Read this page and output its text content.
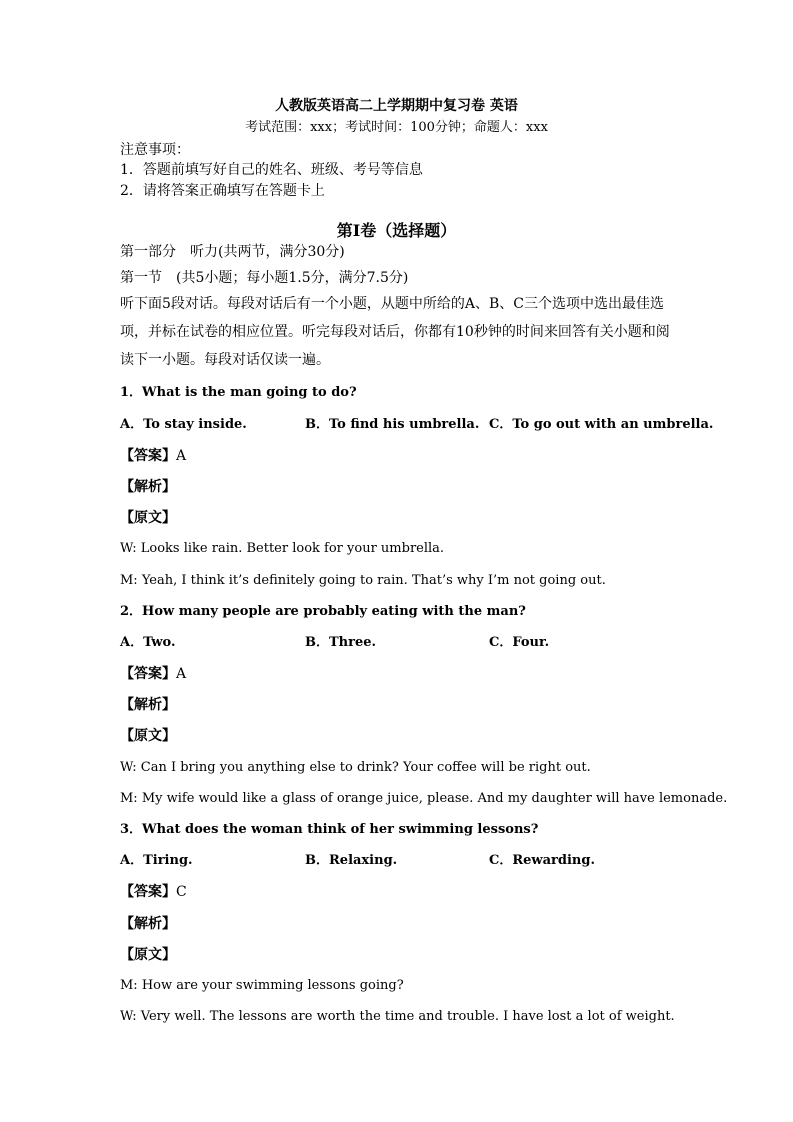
人教版英语高二上学期期中复习卷 英语
考试范围：xxx；考试时间：100分钟；命题人：xxx
注意事项：
1．答题前填写好自己的姓名、班级、考号等信息
2．请将答案正确填写在答题卡上
第I卷（选择题）
第一部分　听力(共两节，满分30分)
第一节　(共5小题；每小题1.5分，满分7.5分)
听下面5段对话。每段对话后有一个小题，从题中所给的A、B、C三个选项中选出最佳选项，并标在试卷的相应位置。听完每段对话后，你都有10秒钟的时间来回答有关小题和阅读下一小题。每段对话仅读一遍。
1．What is the man going to do?
A．To stay inside.	B．To find his umbrella. C．To go out with an umbrella.
【答案】A
【解析】
【原文】
W: Looks like rain. Better look for your umbrella.
M: Yeah, I think it’s definitely going to rain. That’s why I’m not going out.
2．How many people are probably eating with the man?
A．Two.	B．Three.	C．Four.
【答案】A
【解析】
【原文】
W: Can I bring you anything else to drink? Your coffee will be right out.
M: My wife would like a glass of orange juice, please. And my daughter will have lemonade.
3．What does the woman think of her swimming lessons?
A．Tiring.	B．Relaxing.	C．Rewarding.
【答案】C
【解析】
【原文】
M: How are your swimming lessons going?
W: Very well. The lessons are worth the time and trouble. I have lost a lot of weight.
